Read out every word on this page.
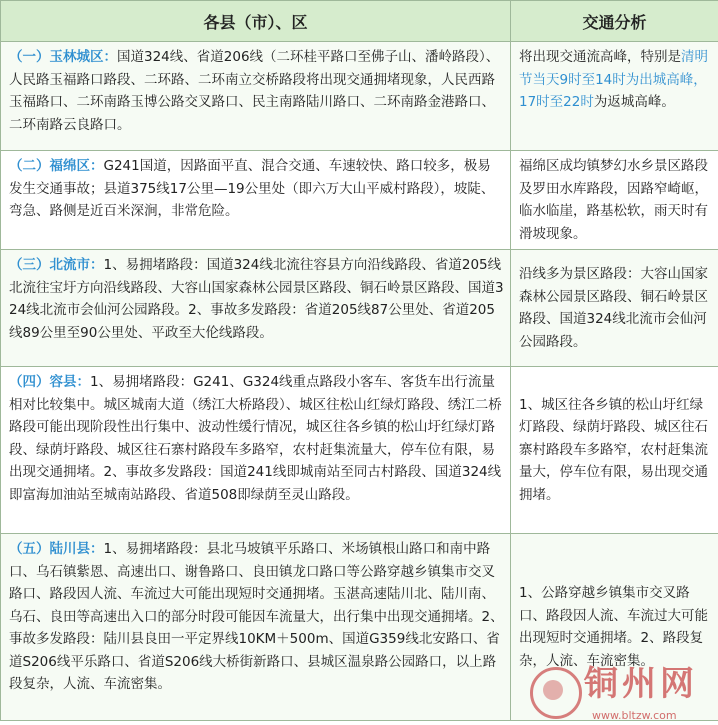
各县（市）、区	交通分析
（一）玉林城区：国道324线、省道206线（二环桂平路口至佛子山、潘岭路段）、人民路玉福路口路段、二环路、二环南立交桥路段将出现交通拥堵现象，人民西路玉福路口、二环南路玉博公路交叉路口、民主南路陆川路口、二环南路金港路口、二环南路云良路口。	将出现交通流高峰，特别是清明节当天9时至14时为出城高峰，17时至22时为返城高峰。
（二）福绵区：G241国道，因路面平直、混合交通、车速较快、路口较多，极易发生交通事故；县道375线17公里—19公里处（即六万大山平威村路段），坡陡、弯急、路侧是近百米深涧，非常危险。	福绵区成均镇梦幻水乡景区路段及罗田水库路段，因路窄崎岖，临水临崖，路基松软，雨天时有滑坡现象。
（三）北流市：1、易拥堵路段：国道324线北流往容县方向沿线路段、省道205线北流往宝圩方向沿线路段、大容山国家森林公园景区路段、铜石岭景区路段、国道324线北流市会仙河公园路段。2、事故多发路段：省道205线87公里处、省道205线89公里至90公里处、平政至大伦线路段。	沿线多为景区路段：大容山国家森林公园景区路段、铜石岭景区路段、国道324线北流市会仙河公园路段。
（四）容县：1、易拥堵路段：G241、G324线重点路段小客车、客货车出行流量相对比较集中。城区城南大道（绣江大桥路段）、城区往松山红绿灯路段、绣江二桥路段可能出现阶段性出行集中、波动性缓行情况，城区往各乡镇的松山圩红绿灯路段、绿荫圩路段、城区往石寨村路段车多路窄，农村赶集流量大，停车位有限，易出现交通拥堵。2、事故多发路段：国道241线即城南站至同古村路段、国道324线即富海加油站至城南站路段、省道508即绿荫至灵山路段。	1、城区往各乡镇的松山圩红绿灯路段、绿荫圩路段、城区往石寨村路段车多路窄，农村赶集流量大，停车位有限，易出现交通拥堵。
（五）陆川县：1、易拥堵路段：县北马坡镇平乐路口、米场镇根山路口和南中路口、乌石镇紫恩、高速出口、谢鲁路口、良田镇龙口路口等公路穿越乡镇集市交叉路口、路段因人流、车流过大可能出现短时交通拥堵。玉湛高速陆川北、陆川南、乌石、良田等高速出入口的部分时段可能因车流量大，出行集中出现交通拥堵。2、事故多发路段：陆川县良田一平定界线10KM＋500m、国道G359线北安路口、省道S206线平乐路口、省道S206线大桥街新路口、县城区温泉路公园路口，以上路段复杂，人流、车流密集。	1、公路穿越乡镇集市交叉路口、路段因人流、车流过大可能出现短时交通拥堵。2、路段复杂，人流、车流密集。
铜州网
www.bltzw.com
